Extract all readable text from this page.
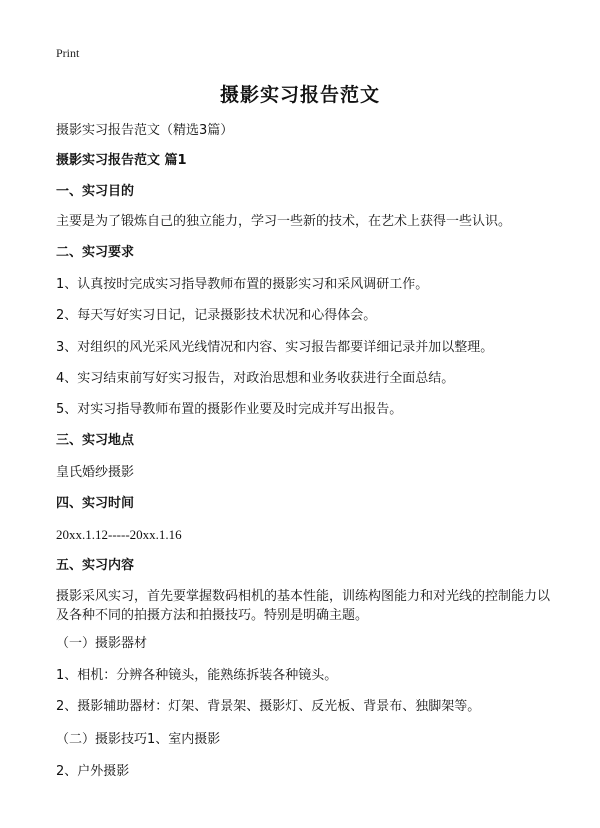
Print
摄影实习报告范文
摄影实习报告范文（精选3篇）
摄影实习报告范文 篇1
一、实习目的
主要是为了锻炼自己的独立能力，学习一些新的技术，在艺术上获得一些认识。
二、实习要求
1、认真按时完成实习指导教师布置的摄影实习和采风调研工作。
2、每天写好实习日记，记录摄影技术状况和心得体会。
3、对组织的风光采风光线情况和内容、实习报告都要详细记录并加以整理。
4、实习结束前写好实习报告，对政治思想和业务收获进行全面总结。
5、对实习指导教师布置的摄影作业要及时完成并写出报告。
三、实习地点
皇氏婚纱摄影
四、实习时间
20xx.1.12-----20xx.1.16
五、实习内容
摄影采风实习，首先要掌握数码相机的基本性能，训练构图能力和对光线的控制能力以及各种不同的拍摄方法和拍摄技巧。特别是明确主题。
（一）摄影器材
1、相机：分辨各种镜头，能熟练拆装各种镜头。
2、摄影辅助器材：灯架、背景架、摄影灯、反光板、背景布、独脚架等。
（二）摄影技巧1、室内摄影
2、户外摄影
